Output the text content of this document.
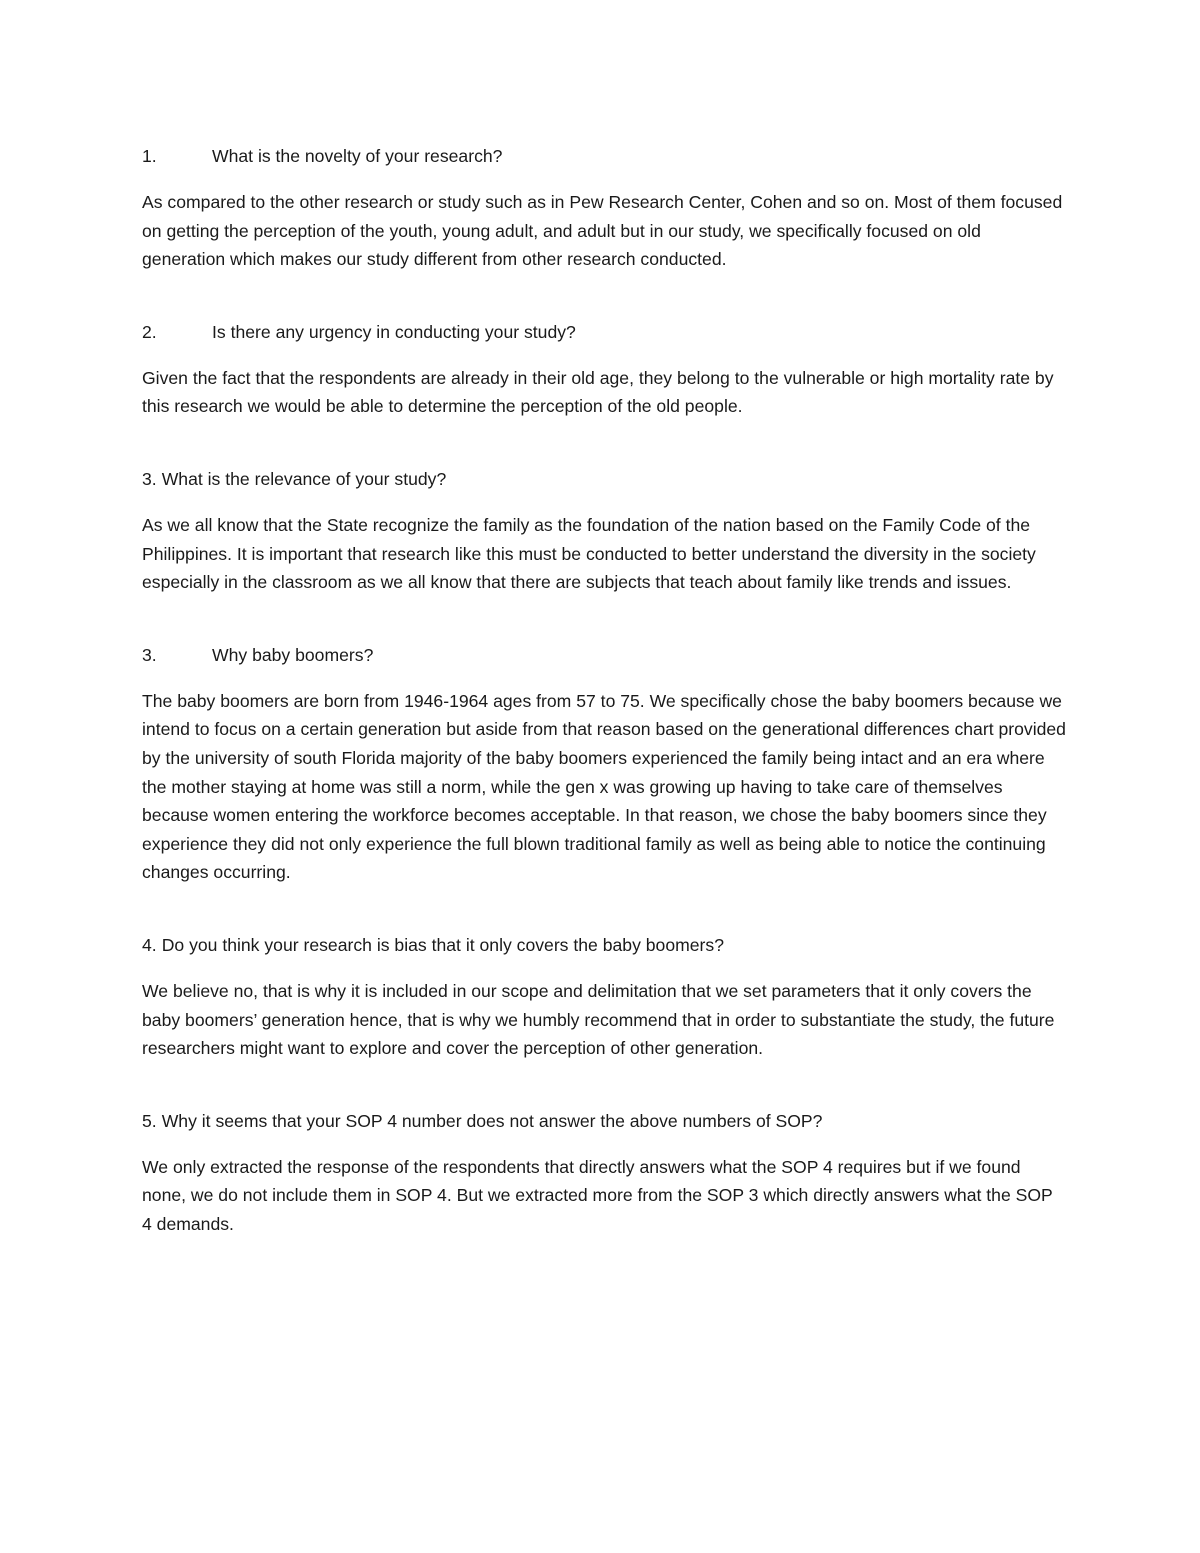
1.	What is the novelty of your research?

As compared to the other research or study such as in Pew Research Center, Cohen and so on. Most of them focused on getting the perception of the youth, young adult, and adult but in our study, we specifically focused on old generation which makes our study different from other research conducted.

2.	Is there any urgency in conducting your study?

Given the fact that the respondents are already in their old age, they belong to the vulnerable or high mortality rate by this research we would be able to determine the perception of the old people.

3. What is the relevance of your study?

As we all know that the State recognize the family as the foundation of the nation based on the Family Code of the Philippines. It is important that research like this must be conducted to better understand the diversity in the society especially in the classroom as we all know that there are subjects that teach about family like trends and issues.

3.	Why baby boomers?

The baby boomers are born from 1946-1964 ages from 57 to 75. We specifically chose the baby boomers because we intend to focus on a certain generation but aside from that reason based on the generational differences chart provided by the university of south Florida majority of the baby boomers experienced the family being intact and an era where the mother staying at home was still a norm, while the gen x was growing up having to take care of themselves because women entering the workforce becomes acceptable. In that reason, we chose the baby boomers since they experience they did not only experience the full blown traditional family as well as being able to notice the continuing changes occurring.

4. Do you think your research is bias that it only covers the baby boomers?

We believe no, that is why it is included in our scope and delimitation that we set parameters that it only covers the baby boomers’ generation hence, that is why we humbly recommend that in order to substantiate the study, the future researchers might want to explore and cover the perception of other generation.

5. Why it seems that your SOP 4 number does not answer the above numbers of SOP?

We only extracted the response of the respondents that directly answers what the SOP 4 requires but if we found none, we do not include them in SOP 4. But we extracted more from the SOP 3 which directly answers what the SOP 4 demands.
